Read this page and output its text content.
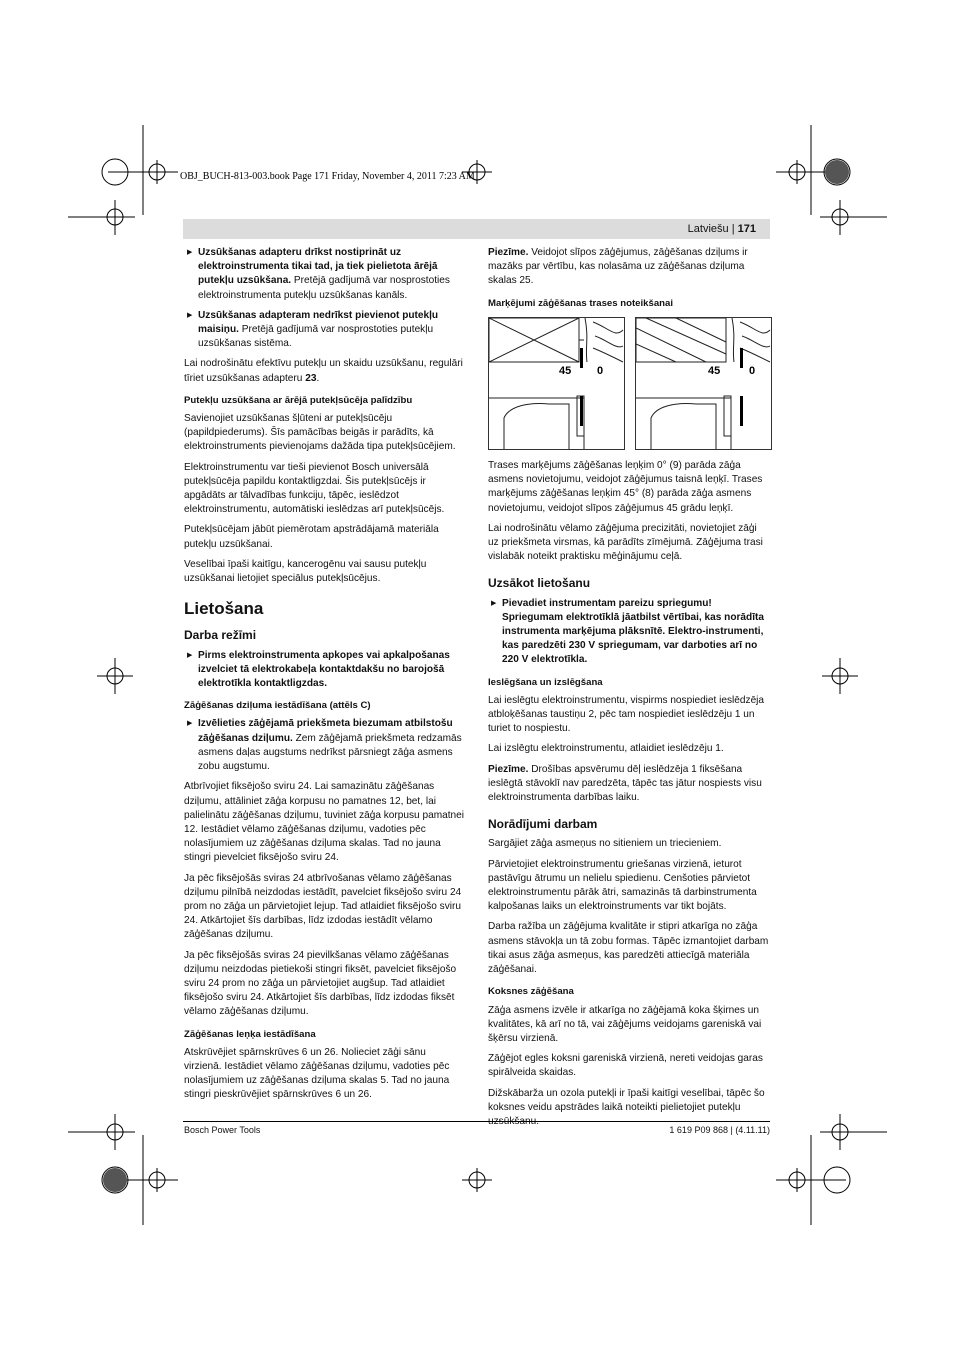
OBJ_BUCH-813-003.book Page 171 Friday, November 4, 2011 7:23 AM
Latviešu | 171
▶ Uzsūkšanas adapteru drīkst nostiprināt uz elektroinstrumenta tikai tad, ja tiek pielietota ārējā putekļu uzsūkšana. Pretējā gadījumā var nosprostoties elektroinstrumenta putekļu uzsūkšanas kanāls.
▶ Uzsūkšanas adapteram nedrīkst pievienot putekļu maisiņu. Pretējā gadījumā var nosprostoties putekļu uzsūkšanas sistēma.

Lai nodrošinātu efektīvu putekļu un skaidu uzsūkšanu, regulāri tīriet uzsūkšanas adapteru 23.

Putekļu uzsūkšana ar ārējā putekļsūcēja palīdzību

Savienojiet uzsūkšanas šļūteni ar putekļsūcēju (papildpiederums). Šīs pamācības beigās ir parādīts, kā elektroinstruments pievienojams dažāda tipa putekļsūcējiem.

Elektroinstrumentu var tieši pievienot Bosch universālā putekļsūcēja papildu kontaktligzdai. Šis putekļsūcējs ir apgādāts ar tālvadības funkciju, tāpēc, ieslēdzot elektroinstrumentu, automātiski ieslēdzas arī putekļsūcējs.

Putekļsūcējam jābūt piemērotam apstrādājamā materiāla putekļu uzsūkšanai.

Veselībai īpaši kaitīgu, kancerogēnu vai sausu putekļu uzsūkšanai lietojiet speciālus putekļsūcējus.

Lietošana
Darba režīmi
▶ Pirms elektroinstrumenta apkopes vai apkalpošanas izvelciet tā elektrokabeļa kontaktdakšu no barojošā elektrotīkla kontaktligzdas.
Zāģēšanas dziļuma iestādīšana (attēls C)
▶ Izvēlieties zāģējamā priekšmeta biezumam atbilstošu zāģēšanas dziļumu. Zem zāģējamā priekšmeta redzamās asmens daļas augstums nedrīkst pārsniegt zāģa asmens zobu augstumu.

Atbrīvojiet fiksējošo sviru 24. Lai samazinātu zāģēšanas dziļumu, attāliniet zāģa korpusu no pamatnes 12, bet, lai palielinātu zāģēšanas dziļumu, tuviniet zāģa korpusu pamatnei 12. Iestādiet vēlamo zāģēšanas dziļumu, vadoties pēc nolasījumiem uz zāģēšanas dziļuma skalas. Tad no jauna stingri pievelciet fiksējošo sviru 24.

Ja pēc fiksējošās sviras 24 atbrīvošanas vēlamo zāģēšanas dziļumu pilnībā neizdodas iestādīt, pavelciet fiksējošo sviru 24 prom no zāģa un pārvietojiet lejup. Tad atlaidiet fiksējošo sviru 24. Atkārtojiet šīs darbības, līdz izdodas iestādīt vēlamo zāģēšanas dziļumu.

Ja pēc fiksējošās sviras 24 pievilkšanas vēlamo zāģēšanas dziļumu neizdodas pietiekoši stingri fiksēt, pavelciet fiksējošo sviru 24 prom no zāģa un pārvietojiet augšup. Tad atlaidiet fiksējošo sviru 24. Atkārtojiet šīs darbības, līdz izdodas fiksēt vēlamo zāģēšanas dziļumu.

Zāģēšanas leņķa iestādīšana

Atskrūvējiet spārnskrūves 6 un 26. Nolieciet zāģi sānu virzienā. Iestādiet vēlamo zāģēšanas dziļumu, vadoties pēc nolasījumiem uz zāģēšanas dziļuma skalas 5. Tad no jauna stingri pieskrūvējiet spārnskrūves 6 un 26.

Piezīme. Veidojot slīpos zāģējumus, zāģēšanas dziļums ir mazāks par vērtību, kas nolasāma uz zāģēšanas dziļuma skalas 25.

Marķējumi zāģēšanas trases noteikšanai
45 0	45	0

Trases marķējums zāģēšanas leņķim 0° (9) parāda zāģa asmens novietojumu, veidojot zāģējumus taisnā leņķī. Trases marķējums zāģēšanas leņķim 45° (8) parāda zāģa asmens novietojumu, veidojot slīpos zāģējumus 45 grādu leņķī.

Lai nodrošinātu vēlamo zāģējuma precizitāti, novietojiet zāģi uz priekšmeta virsmas, kā parādīts zīmējumā. Zāģējuma trasi vislabāk noteikt praktisku mēģinājumu ceļā.

Uzsākot lietošanu
▶ Pievadiet instrumentam pareizu spriegumu! Spriegumam elektrotīklā jāatbilst vērtībai, kas norādīta instrumenta marķējuma plāksnītē. Elektro-instrumenti, kas paredzēti 230 V spriegumam, var darboties arī no 220 V elektrotīkla.
Ieslēgšana un izslēgšana

Lai ieslēgtu elektroinstrumentu, vispirms nospiediet ieslēdzēja atbloķēšanas taustiņu 2, pēc tam nospiediet ieslēdzēju 1 un turiet to nospiestu.

Lai izslēgtu elektroinstrumentu, atlaidiet ieslēdzēju 1.

Piezīme. Drošības apsvērumu dēļ ieslēdzēja 1 fiksēšana ieslēgtā stāvoklī nav paredzēta, tāpēc tas jātur nospiests visu elektroinstrumenta darbības laiku.

Norādījumi darbam

Sargājiet zāģa asmeņus no sitieniem un triecieniem.

Pārvietojiet elektroinstrumentu griešanas virzienā, ieturot pastāvīgu ātrumu un nelielu spiedienu. Cenšoties pārvietot elektroinstrumentu pārāk ātri, samazinās tā darbinstrumenta kalpošanas laiks un elektroinstruments var tikt bojāts.

Darba ražība un zāģējuma kvalitāte ir stipri atkarīga no zāģa asmens stāvokļa un tā zobu formas. Tāpēc izmantojiet darbam tikai asus zāģa asmeņus, kas paredzēti attiecīgā materiāla zāģēšanai.

Koksnes zāģēšana

Zāģa asmens izvēle ir atkarīga no zāģējamā koka šķirnes un kvalitātes, kā arī no tā, vai zāģējums veidojams gareniskā vai šķērsu virzienā.

Zāģējot egles koksni gareniskā virzienā, nereti veidojas garas spirālveida skaidas.

Dižskābarža un ozola putekļi ir īpaši kaitīgi veselībai, tāpēc šo koksnes veidu apstrādes laikā noteikti pielietojiet putekļu

Bosch Power Tools	1 619 P09 868 | (4.11.11)
